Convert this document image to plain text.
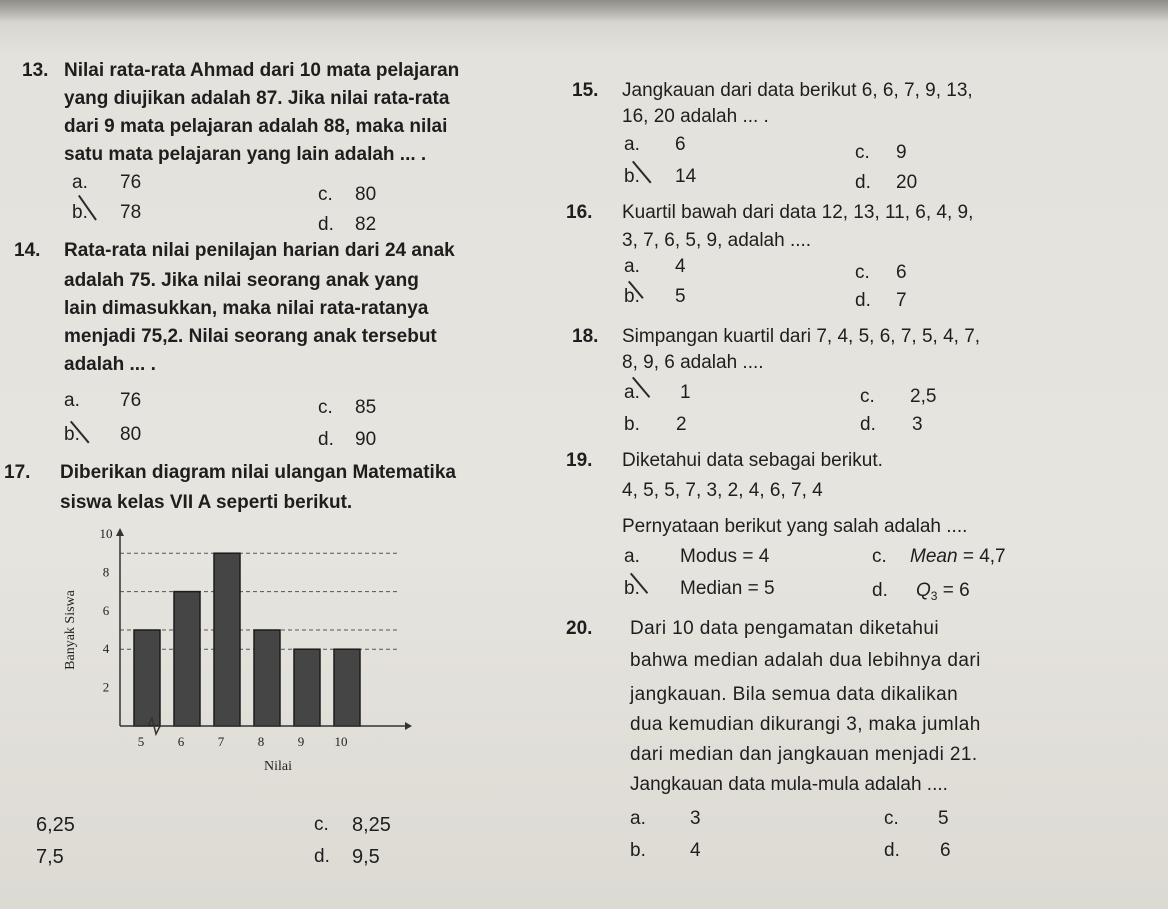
13. Nilai rata-rata Ahmad dari 10 mata pelajaran
yang diujikan adalah 87. Jika nilai rata-rata
dari 9 mata pelajaran adalah 88, maka nilai
satu mata pelajaran yang lain adalah ... .
a. 76
b. 78
c. 80
d. 82
14. Rata-rata nilai penilajan harian dari 24 anak
adalah 75. Jika nilai seorang anak yang
lain dimasukkan, maka nilai rata-ratanya
menjadi 75,2. Nilai seorang anak tersebut
adalah ... .
a. 76
b. 80
c. 85
d. 90
17. Diberikan diagram nilai ulangan Matematika
siswa kelas VII A seperti berikut.
2
4
6
8
10
5	6	7	8	9 10
Banyak Siswa
Nilai
6,25
7,5
c. 8,25
d. 9,5
15. Jangkauan dari data berikut 6, 6, 7, 9, 13,
16, 20 adalah ... .
a. 6
b. 14
c. 9
d. 20
16. Kuartil bawah dari data 12, 13, 11, 6, 4, 9,
3, 7, 6, 5, 9, adalah ....
a. 4
b. 5
c. 6
d. 7
18. Simpangan kuartil dari 7, 4, 5, 6, 7, 5, 4, 7,
8, 9, 6 adalah ....
a. 1
b. 2
c. 2,5
d. 3
19. Diketahui data sebagai berikut.
4, 5, 5, 7, 3, 2, 4, 6, 7, 4
Pernyataan berikut yang salah adalah ....
a. Modus = 4
b. Median = 5
c. Mean = 4,7
d. $Q_3 = 6$
20. Dari 10 data pengamatan diketahui
bahwa median adalah dua lebihnya dari
jangkauan. Bila semua data dikalikan
dua kemudian dikurangi 3, maka jumlah
dari median dan jangkauan menjadi 21.
Jangkauan data mula-mula adalah ....
a. 3
b. 4
c. 5
d. 6
